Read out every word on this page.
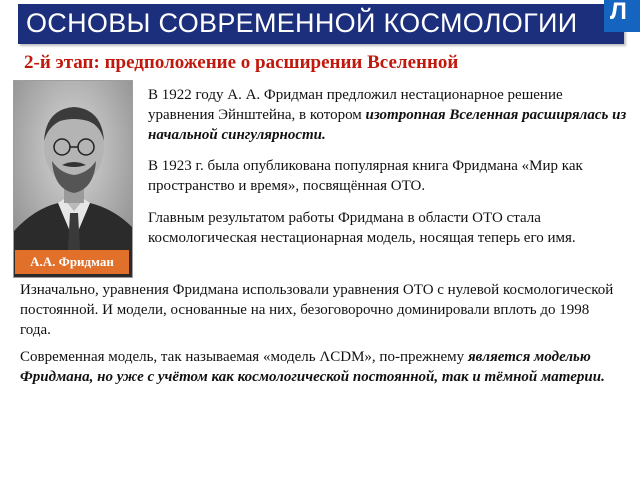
ОСНОВЫ СОВРЕМЕННОЙ КОСМОЛОГИИ Л
2-й этап: предположение о расширении Вселенной
А.А. Фридман
В 1922 году А. А. Фридман предложил нестационарное решение уравнения Эйнштейна, в котором изотропная Вселенная расширялась из начальной сингулярности.
В 1923 г. была опубликована популярная книга Фридмана «Мир как пространство и время», посвящённая ОТО.
Главным результатом работы Фридмана в области ОТО стала космологическая нестационарная модель, носящая теперь его имя.
Изначально, уравнения Фридмана использовали уравнения ОТО с нулевой космологической постоянной. И модели, основанные на них, безоговорочно доминировали вплоть до 1998 года.
Современная модель, так называемая «модель ΛCDM», по-прежнему является моделью Фридмана, но уже с учётом как космологической постоянной, так и тёмной материи.
